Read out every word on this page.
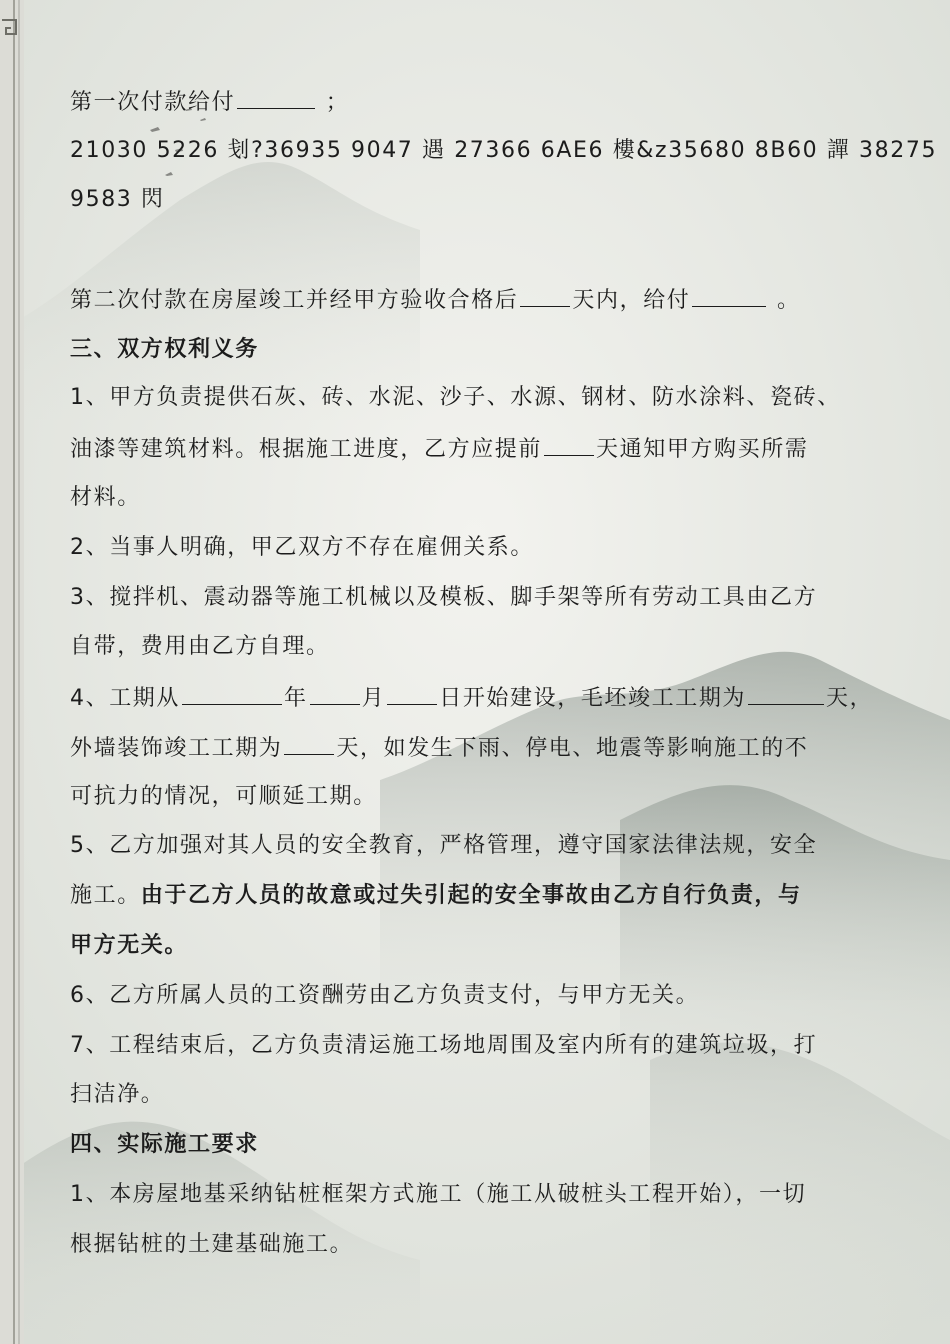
第一次付款给付	；
21030 5226 刬?36935 9047 遇 27366 6AE6 樓&z35680 8B60 譂 38275
9583 閃
第二次付款在房屋竣工并经甲方验收合格后 天内，给付	。
三、双方权利义务
1、甲方负责提供石灰、砖、水泥、沙子、水源、钢材、防水涂料、瓷砖、
油漆等建筑材料。根据施工进度，乙方应提前 天通知甲方购买所需
材料。
2、当事人明确，甲乙双方不存在雇佣关系。
3、搅拌机、震动器等施工机械以及模板、脚手架等所有劳动工具由乙方
自带，费用由乙方自理。
4、工期从	年 月 日开始建设，毛坯竣工工期为	天，
外墙装饰竣工工期为 天，如发生下雨、停电、地震等影响施工的不
可抗力的情况，可顺延工期。
5、乙方加强对其人员的安全教育，严格管理，遵守国家法律法规，安全
施工。由于乙方人员的故意或过失引起的安全事故由乙方自行负责，与
甲方无关。
6、乙方所属人员的工资酬劳由乙方负责支付，与甲方无关。
7、工程结束后，乙方负责清运施工场地周围及室内所有的建筑垃圾，打
扫洁净。
四、实际施工要求
1、本房屋地基采纳钻桩框架方式施工（施工从破桩头工程开始），一切
根据钻桩的土建基础施工。
